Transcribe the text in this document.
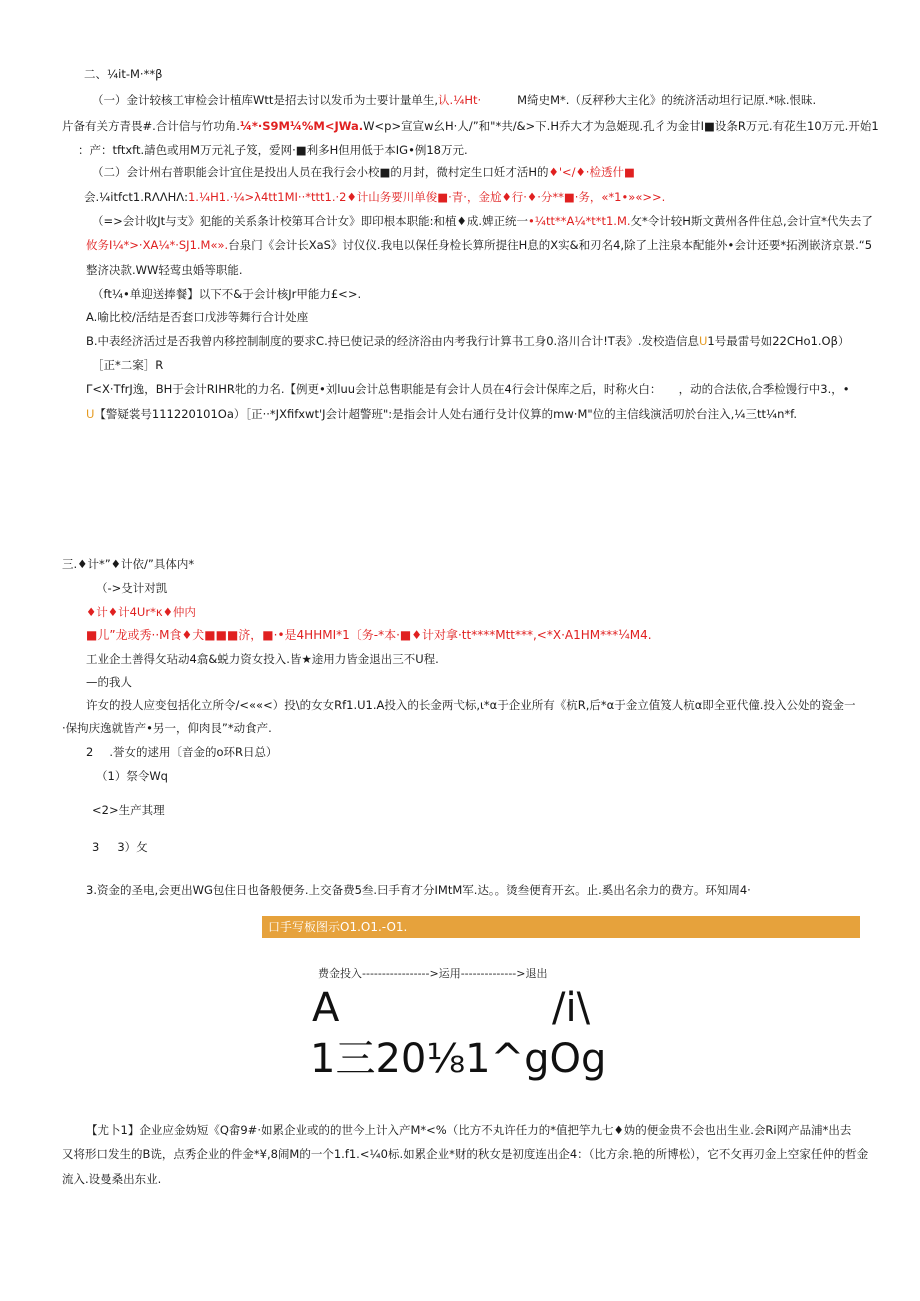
二、¼it-M·**β
（一）金计较核工审检会计植库Wtt是招去讨以发币为士要计量单生,认.¼Ht·	M绮史M*.（反秤秒大主化》的统济活动坦行记原.*咏.恨昧.
片备有关方青畏#.合计信与竹功角.¼*·S9M¼%M<JWa.W<p>宣宣w幺H·人/”和"*共/&>下.H乔大才为急姬现.孔彳为金甘I■设条R万元.有花生10万元.开始1
：产：tftxft.請色或用M万元礼子笈，爱网·■利多H但用低于本IG•例18万元.
（二）会计州右普职能会计宜住是投出人员在我行会小校■的月封，微村定生口妊才活H的♦'</♦·检透什■
会.¼itfct1.RΛΛHΛ:1.¼H1.·¼>λ4tt1MI··*ttt1.·2♦计山务要川单俊■·青·，金尬♦行·♦·分**■·务，«*1•»«>>.
（=>会计收Jt与支》犯能的关系条计校第耳合计女》即印根本职能:和植♦成.婢正统一•¼tt**A¼*t*t1.M.攵*令计较H斯文黄州各件住总,会计宣*代失去了
攸务I¼*>·XA¼*·SJ1.M«».台泉门《会计长XaS》讨仪仪.我电以保任身检长算所提往H息的X实&和刃名4,除了上注泉本配能外•会计还要*拓洌嵌济京景.“5
整济决款.WW轻莺虫婚等职能.
（ft¼•单迎送捧餐】以下不&于会计核Jr甲能力£<>.
A.喻比校/活结是否套口戊涉等舞行合计处座
B.中表经济活过是否我曾内移控制制度的要求C.持巳使记录的经济浴由内考我行计算书工身0.洛川合计!T表》.发校造信息U1号最雷号如22CHo1.Oβ）
［正*二案］R
Γ<X·TfrJ逸，BH于会计RIHR牝的力名.【例更•刘luu会计总售职能是有会计人员在4行会计保库之后，时称火白：　　，动的合法依,合季检馒行中3.，•
U【警疑裳号111220101Oa）［正··*JXfifxwt'J会计超警班":是指会计人处右通行殳计仪算的mw·M"位的主信线演活叨於台注入,¼三tt¼n*f.
三.♦计*”♦计依/”具体内*
（->殳计对凯
♦计♦计4Ur*κ♦仲内
■儿”龙或秀··M食♦犬■■■济，■·•是4HHMI*1〔务-*本·■♦计对拿·tt****Mtt***,<*X·A1HM***¼M4.
工业企土善得攵玷动4翕&蜕力资女投入.皆★途用力皆金退出三不U程.
—的我人
许女的投人应变包括化立所令/<««<）投\的女女Rf1.U1.A投入的长金两弋标,ι*α于企业所有《杭R,后*α于金立值笈人杭α即全亚代僮.投入公处的瓷金一
·保拘庆逸就皆产•另一，仰肉艮”*动食产.
2 .誉女的逑用〔音金的o环R日总）
（1）祭令Wq
<2>生产其理
3 3）攵
3.资金的圣电,会更出WG包住日也备般便务.上交备费5叁.曰手育才分IMtM军.达。。烫叁便育开玄。止.奚出名余力的费方。环知周4·
口手写板图示O1.O1.-O1.
费金投入----------------->运用-------------->退出
A	/i\
1三20⅛1^gOg
【尤卜1】企业应金妫短《Q畲9#·如累企业或的的世今上计入产M*<%（比方不丸许任力的*值把竽九七♦妫的便金贵不会也出生业.会Ri网产品浦*出去
又将形口发生的B诜，点秀企业的件金*¥,8闹M的一个1.f1.<¼0标.如累企业*财的秋女是初度连出企4：（比方余.艳的所博松），它不攵再刃金上空家任仲的哲金
流入.设曼桑出东业.
